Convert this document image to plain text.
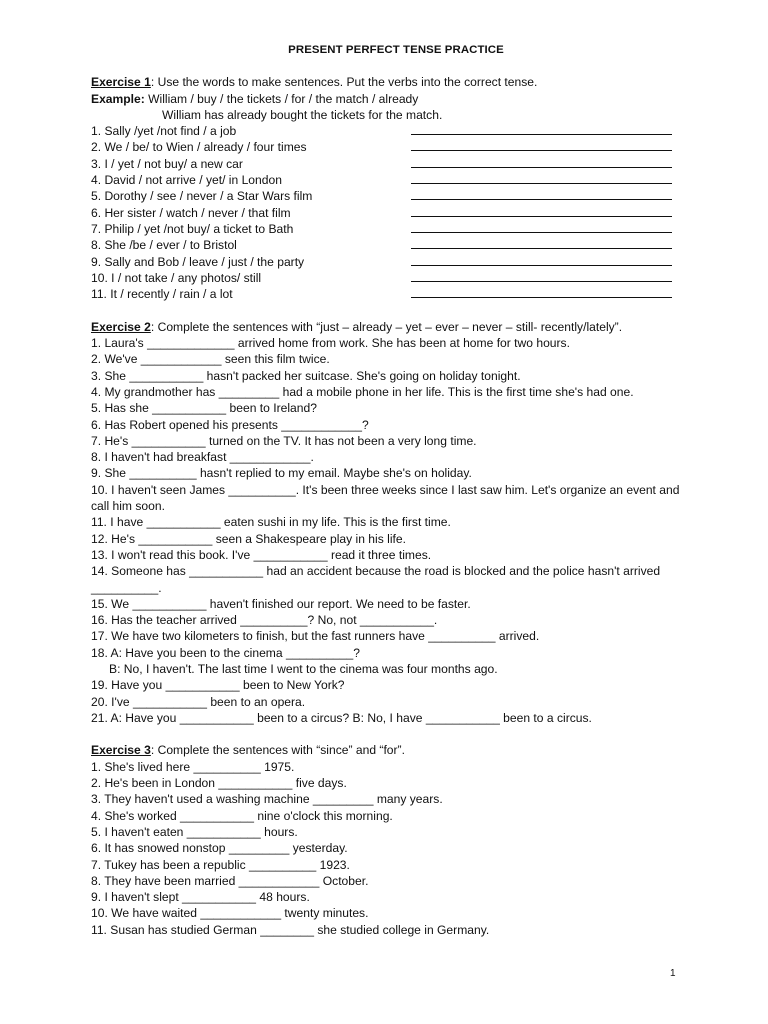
PRESENT PERFECT TENSE PRACTICE
Exercise 1: Use the words to make sentences. Put the verbs into the correct tense.
Example: William / buy / the tickets / for / the match / already
William has already bought the tickets for the match.
1. Sally /yet /not find / a job
2. We / be/ to Wien / already / four times
3. I / yet / not buy/ a new car
4. David / not arrive / yet/ in London
5. Dorothy / see / never / a Star Wars film
6. Her sister / watch / never / that film
7. Philip / yet /not buy/ a ticket to Bath
8. She /be / ever / to Bristol
9. Sally and Bob / leave / just / the party
10. I / not take / any photos/ still
11. It / recently / rain / a lot
Exercise 2: Complete the sentences with “just – already – yet – ever – never – still- recently/lately”.
1. Laura's _____________ arrived home from work. She has been at home for two hours.
2. We've ____________ seen this film twice.
3. She ___________ hasn't packed her suitcase. She's going on holiday tonight.
4. My grandmother has _________ had a mobile phone in her life. This is the first time she's had one.
5. Has she ___________ been to Ireland?
6. Has Robert opened his presents ____________?
7. He's ___________ turned on the TV. It has not been a very long time.
8. I haven't had breakfast ____________.
9. She __________ hasn't replied to my email. Maybe she's on holiday.
10. I haven't seen James __________. It's been three weeks since I last saw him. Let's organize an event and call him soon.
11. I have ___________ eaten sushi in my life. This is the first time.
12. He's ___________ seen a Shakespeare play in his life.
13. I won't read this book. I've ___________ read it three times.
14. Someone has ___________ had an accident because the road is blocked and the police hasn't arrived __________.
15. We ___________ haven't finished our report. We need to be faster.
16. Has the teacher arrived __________? No, not ___________.
17. We have two kilometers to finish, but the fast runners have __________ arrived.
18. A: Have you been to the cinema __________?
B: No, I haven't. The last time I went to the cinema was four months ago.
19. Have you ___________ been to New York?
20. I've ___________ been to an opera.
21. A: Have you ___________ been to a circus? B: No, I have ___________ been to a circus.
Exercise 3: Complete the sentences with “since” and “for”.
1. She's lived here __________ 1975.
2. He's been in London ___________ five days.
3. They haven't used a washing machine _________ many years.
4. She's worked ___________ nine o'clock this morning.
5. I haven't eaten ___________ hours.
6. It has snowed nonstop _________ yesterday.
7. Tukey has been a republic __________ 1923.
8. They have been married ____________ October.
9. I haven't slept ___________ 48 hours.
10. We have waited ____________ twenty minutes.
11. Susan has studied German ________ she studied college in Germany.
1
